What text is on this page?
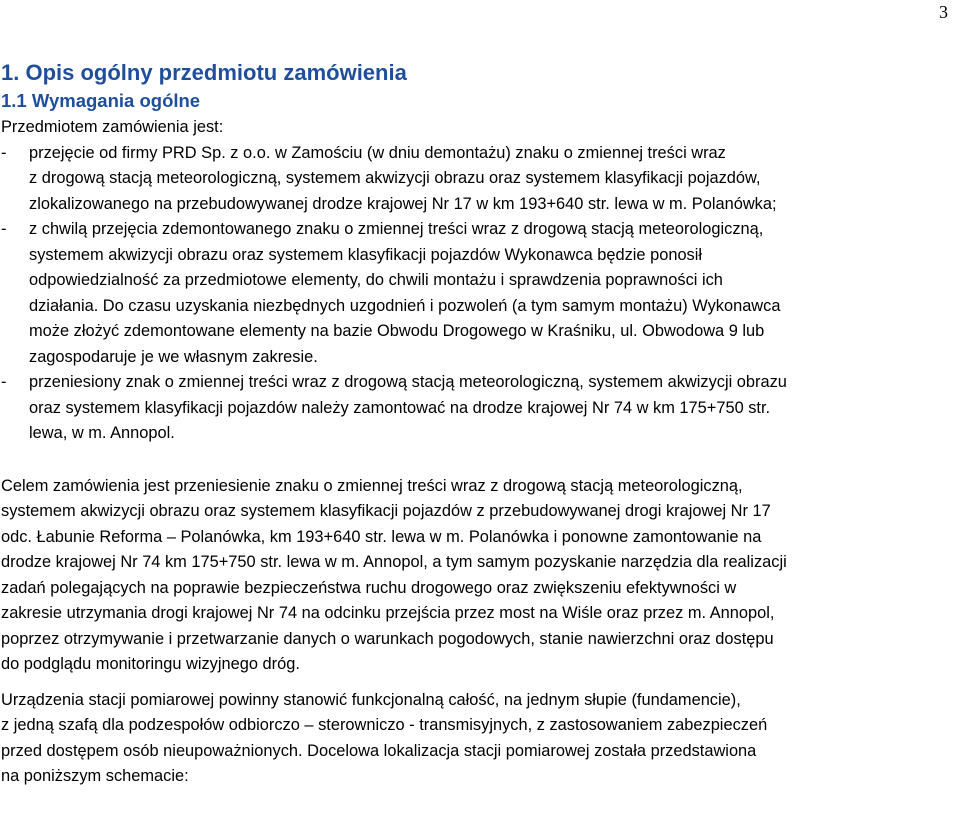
3
1. Opis ogólny przedmiotu zamówienia
1.1 Wymagania ogólne
Przedmiotem zamówienia jest:
-	przejęcie od firmy PRD Sp. z o.o. w Zamościu (w dniu demontażu) znaku o zmiennej treści wraz
z drogową stacją meteorologiczną, systemem akwizycji obrazu oraz systemem klasyfikacji pojazdów,
zlokalizowanego na przebudowywanej drodze krajowej Nr 17 w km 193+640 str. lewa w m. Polanówka;
-	z chwilą przejęcia zdemontowanego znaku o zmiennej treści wraz z drogową stacją meteorologiczną,
systemem akwizycji obrazu oraz systemem klasyfikacji pojazdów Wykonawca będzie ponosił
odpowiedzialność za przedmiotowe elementy, do chwili montażu i sprawdzenia poprawności ich
działania. Do czasu uzyskania niezbędnych uzgodnień i pozwoleń (a tym samym montażu) Wykonawca
może złożyć zdemontowane elementy na bazie Obwodu Drogowego w Kraśniku, ul. Obwodowa 9 lub
zagospodaruje je we własnym zakresie.
-	przeniesiony znak o zmiennej treści wraz z drogową stacją meteorologiczną, systemem akwizycji obrazu
oraz systemem klasyfikacji pojazdów należy zamontować na drodze krajowej Nr 74 w km 175+750 str.
lewa, w m. Annopol.
Celem zamówienia jest przeniesienie znaku o zmiennej treści wraz z drogową stacją meteorologiczną,
systemem akwizycji obrazu oraz systemem klasyfikacji pojazdów z przebudowywanej drogi krajowej Nr 17
odc. Łabunie Reforma – Polanówka, km 193+640 str. lewa w m. Polanówka i ponowne zamontowanie na
drodze krajowej Nr 74 km 175+750 str. lewa w m. Annopol, a tym samym pozyskanie narzędzia dla realizacji
zadań polegających na poprawie bezpieczeństwa ruchu drogowego oraz zwiększeniu efektywności w
zakresie utrzymania drogi krajowej Nr 74 na odcinku przejścia przez most na Wiśle oraz przez m. Annopol,
poprzez otrzymywanie i przetwarzanie danych o warunkach pogodowych, stanie nawierzchni oraz dostępu
do podglądu monitoringu wizyjnego dróg.
Urządzenia stacji pomiarowej powinny stanowić funkcjonalną całość, na jednym słupie (fundamencie),
z jedną szafą dla podzespołów odbiorczo – sterowniczo - transmisyjnych, z zastosowaniem zabezpieczeń
przed dostępem osób nieupoważnionych. Docelowa lokalizacja stacji pomiarowej została przedstawiona
na poniższym schemacie:
